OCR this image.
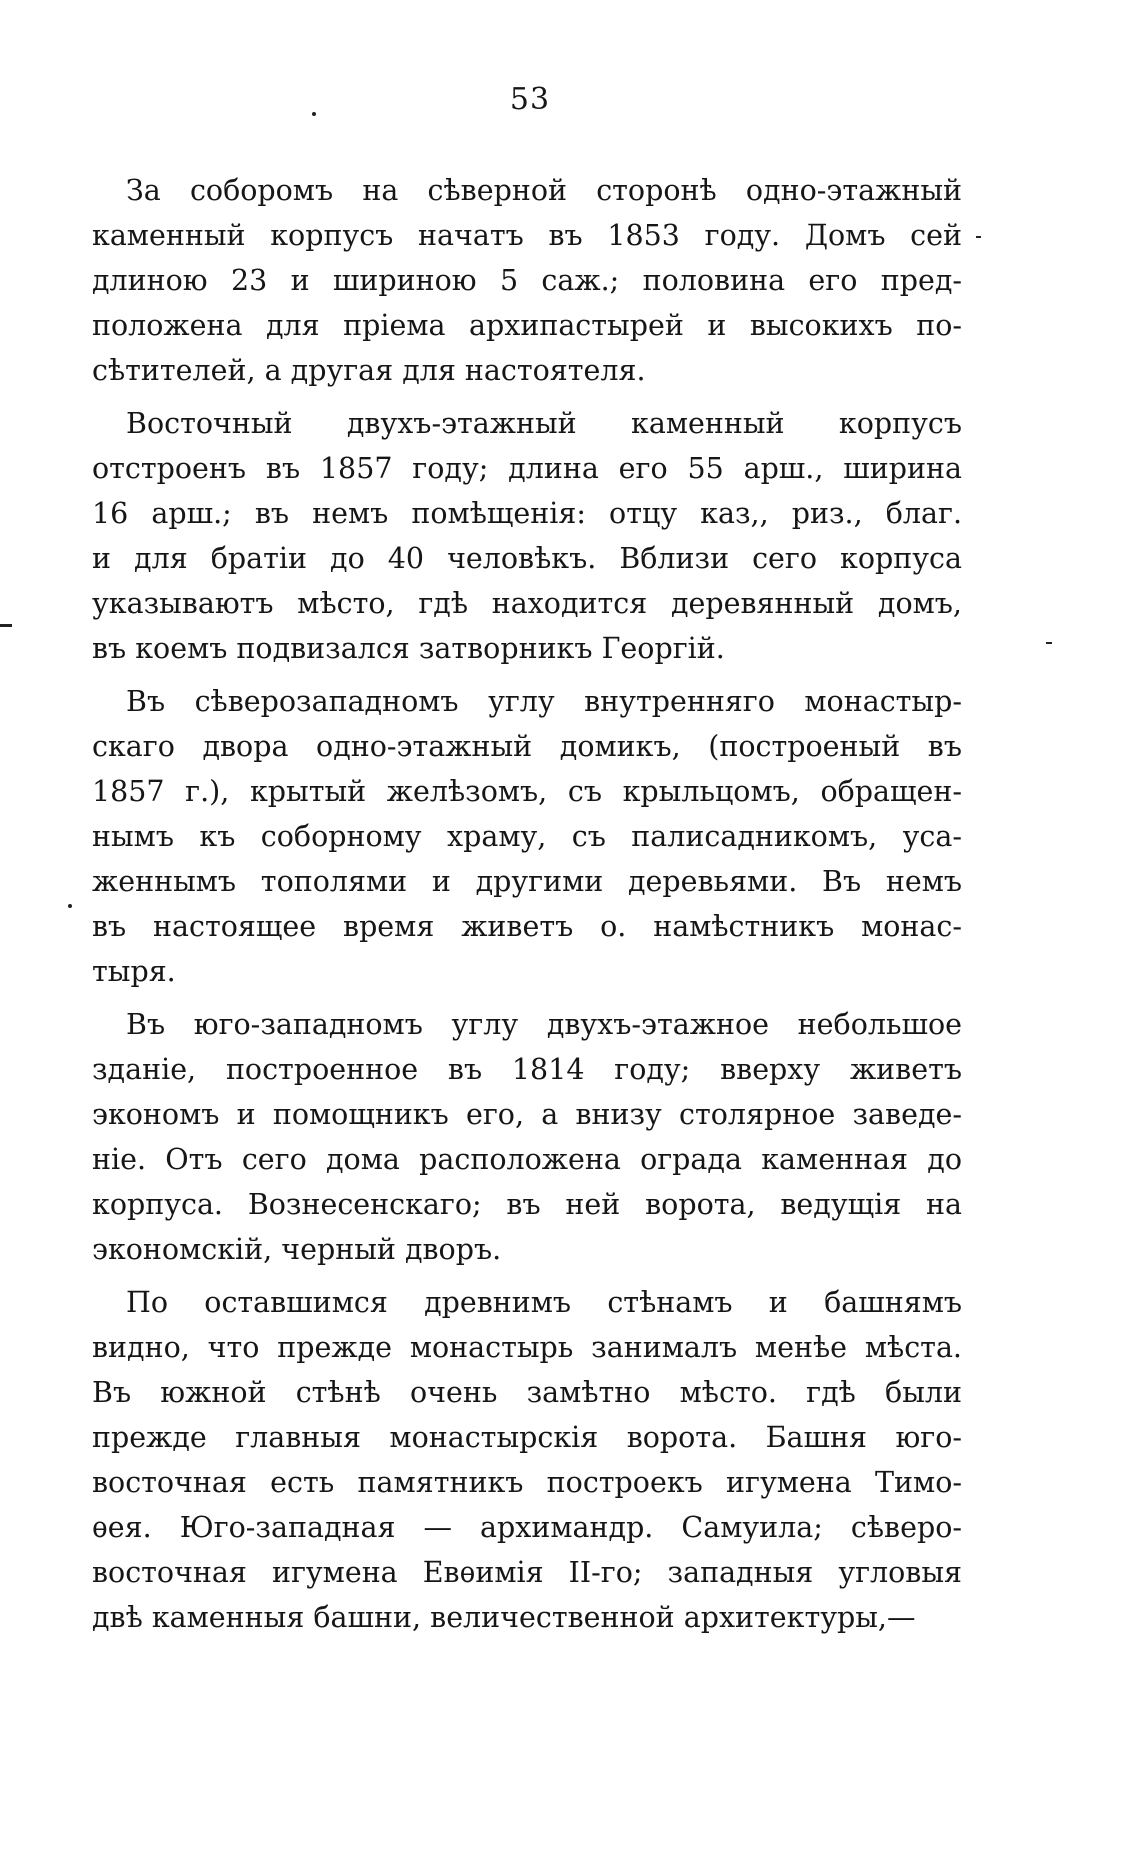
53
За соборомъ на сѣверной сторонѣ одно-этажный
каменный корпусъ начатъ въ 1853 году. Домъ сей
длиною 23 и шириною 5 саж.; половина его пред-
положена для пріема архипастырей и высокихъ по-
сѣтителей, а другая для настоятеля.
Восточный двухъ-этажный каменный корпусъ
отстроенъ въ 1857 году; длина его 55 арш., ширина
16 арш.; въ немъ помѣщенія: отцу каз,, риз., благ.
и для братіи до 40 человѣкъ. Вблизи сего корпуса
указываютъ мѣсто, гдѣ находится деревянный домъ,
въ коемъ подвизался затворникъ Георгій.
Въ сѣверозападномъ углу внутренняго монастыр-
скаго двора одно-этажный домикъ, (построеный въ
1857 г.), крытый желѣзомъ, съ крыльцомъ, обращен-
нымъ къ соборному храму, съ палисадникомъ, уса-
женнымъ тополями и другими деревьями. Въ немъ
въ настоящее время живетъ о. намѣстникъ монас-
тыря.
Въ юго-западномъ углу двухъ-этажное небольшое
зданіе, построенное въ 1814 году; вверху живетъ
экономъ и помощникъ его, а внизу столярное заведе-
ніе. Отъ сего дома расположена ограда каменная до
корпуса. Вознесенскаго; въ ней ворота, ведущія на
экономскій, черный дворъ.
По оставшимся древнимъ стѣнамъ и башнямъ
видно, что прежде монастырь занималъ менѣе мѣста.
Въ южной стѣнѣ очень замѣтно мѣсто. гдѣ были
прежде главныя монастырскія ворота. Башня юго-
восточная есть памятникъ построекъ игумена Тимо-
ѳея. Юго-западная — архимандр. Самуила; сѣверо-
восточная игумена Евѳимія II-го; западныя угловыя
двѣ каменныя башни, величественной архитектуры,—
